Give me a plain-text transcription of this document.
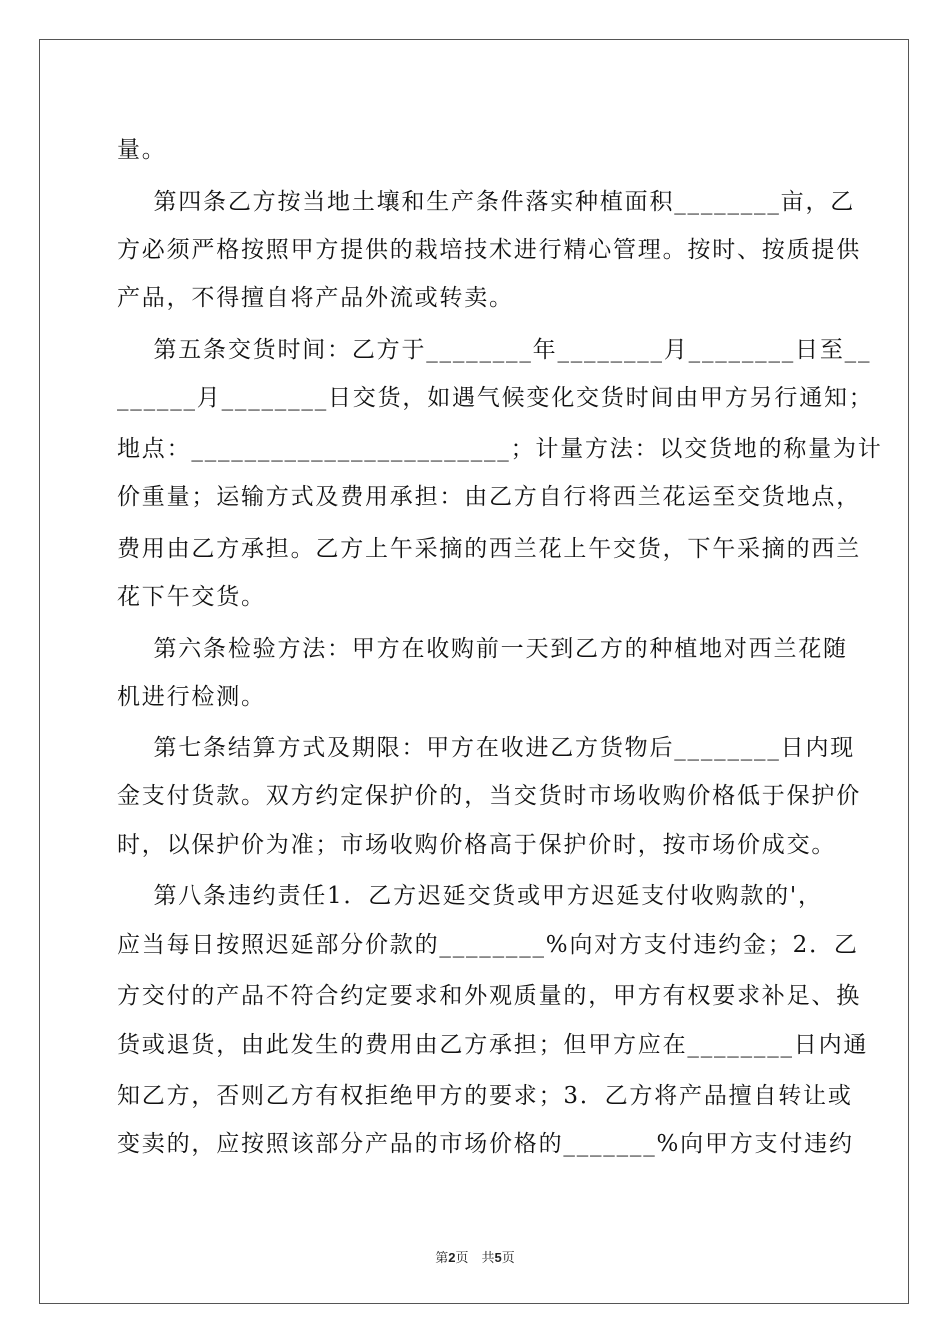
量。
第四条乙方按当地土壤和生产条件落实种植面积________亩，乙
方必须严格按照甲方提供的栽培技术进行精心管理。按时、按质提供
产品，不得擅自将产品外流或转卖。
第五条交货时间：乙方于________年________月________日至__
______月________日交货，如遇气候变化交货时间由甲方另行通知；
地点：________________________；计量方法：以交货地的称量为计
价重量；运输方式及费用承担：由乙方自行将西兰花运至交货地点，
费用由乙方承担。乙方上午采摘的西兰花上午交货，下午采摘的西兰
花下午交货。
第六条检验方法：甲方在收购前一天到乙方的种植地对西兰花随
机进行检测。
第七条结算方式及期限：甲方在收进乙方货物后________日内现
金支付货款。双方约定保护价的，当交货时市场收购价格低于保护价
时，以保护价为准；市场收购价格高于保护价时，按市场价成交。
第八条违约责任1．乙方迟延交货或甲方迟延支付收购款的'，
应当每日按照迟延部分价款的________%向对方支付违约金；2．乙
方交付的产品不符合约定要求和外观质量的，甲方有权要求补足、换
货或退货，由此发生的费用由乙方承担；但甲方应在________日内通
知乙方，否则乙方有权拒绝甲方的要求；3．乙方将产品擅自转让或
变卖的，应按照该部分产品的市场价格的_______%向甲方支付违约
第2页　共5页
